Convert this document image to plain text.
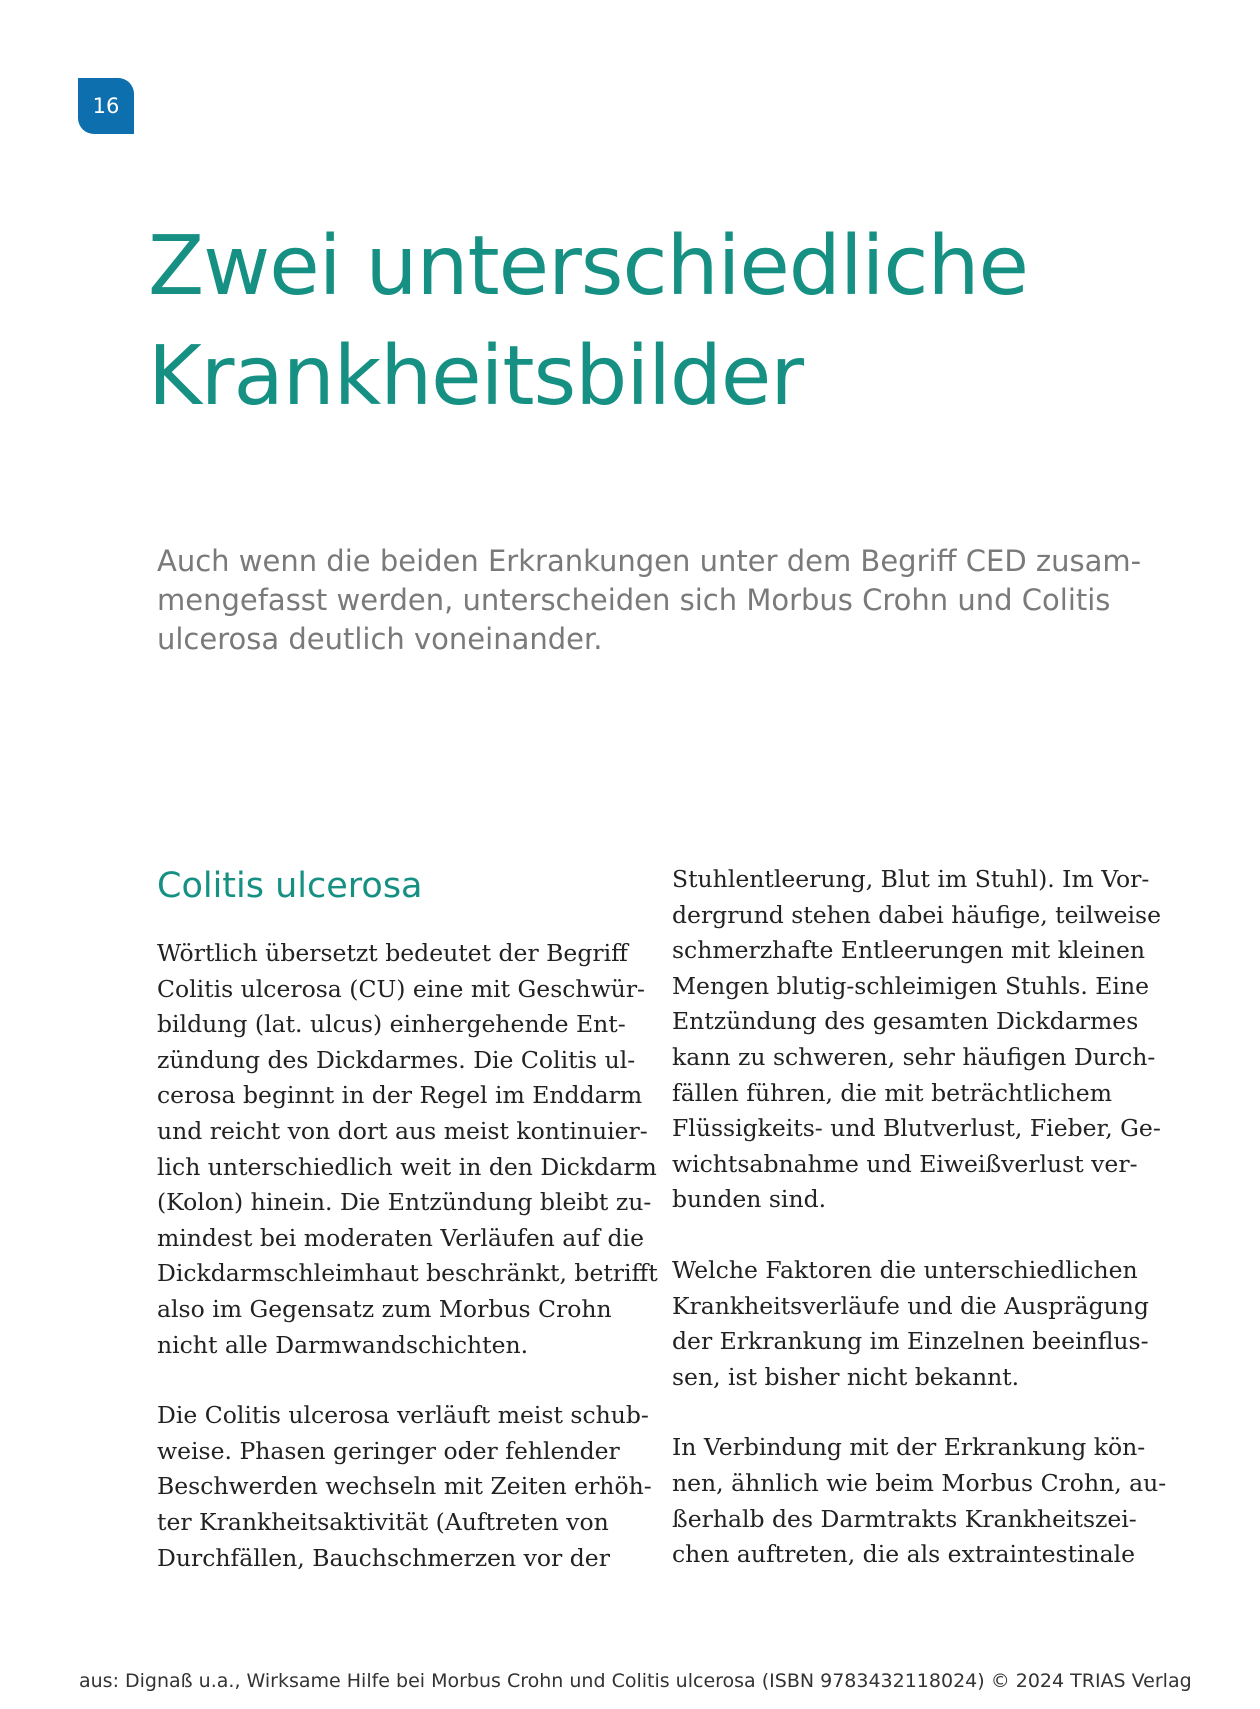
16
Zwei unterschiedliche
Krankheitsbilder

Auch wenn die beiden Erkrankungen unter dem Begriff CED zusam-
mengefasst werden, unterscheiden sich Morbus Crohn und Colitis
ulcerosa deutlich voneinander.

Colitis ulcerosa

Wörtlich übersetzt bedeutet der Begriff
Colitis ulcerosa (CU) eine mit Geschwür-
bildung (lat. ulcus) einhergehende Ent-
zündung des Dickdarmes. Die Colitis ul-
cerosa beginnt in der Regel im Enddarm
und reicht von dort aus meist kontinuier-
lich unterschiedlich weit in den Dickdarm
(Kolon) hinein. Die Entzündung bleibt zu-
mindest bei moderaten Verläufen auf die
Dickdarmschleimhaut beschränkt, betrifft
also im Gegensatz zum Morbus Crohn
nicht alle Darmwandschichten.

Die Colitis ulcerosa verläuft meist schub-
weise. Phasen geringer oder fehlender
Beschwerden wechseln mit Zeiten erhöh-
ter Krankheitsaktivität (Auftreten von
Durchfällen, Bauchschmerzen vor der

Stuhlentleerung, Blut im Stuhl). Im Vor-
dergrund stehen dabei häufige, teilweise
schmerzhafte Entleerungen mit kleinen
Mengen blutig-schleimigen Stuhls. Eine
Entzündung des gesamten Dickdarmes
kann zu schweren, sehr häufigen Durch-
fällen führen, die mit beträchtlichem
Flüssigkeits- und Blutverlust, Fieber, Ge-
wichtsabnahme und Eiweißverlust ver-
bunden sind.

Welche Faktoren die unterschiedlichen
Krankheitsverläufe und die Ausprägung
der Erkrankung im Einzelnen beeinflus-
sen, ist bisher nicht bekannt.

In Verbindung mit der Erkrankung kön-
nen, ähnlich wie beim Morbus Crohn, au-
ßerhalb des Darmtrakts Krankheitszei-
chen auftreten, die als extraintestinale

aus: Dignaß u.a., Wirksame Hilfe bei Morbus Crohn und Colitis ulcerosa (ISBN 9783432118024) © 2024 TRIAS Verlag
